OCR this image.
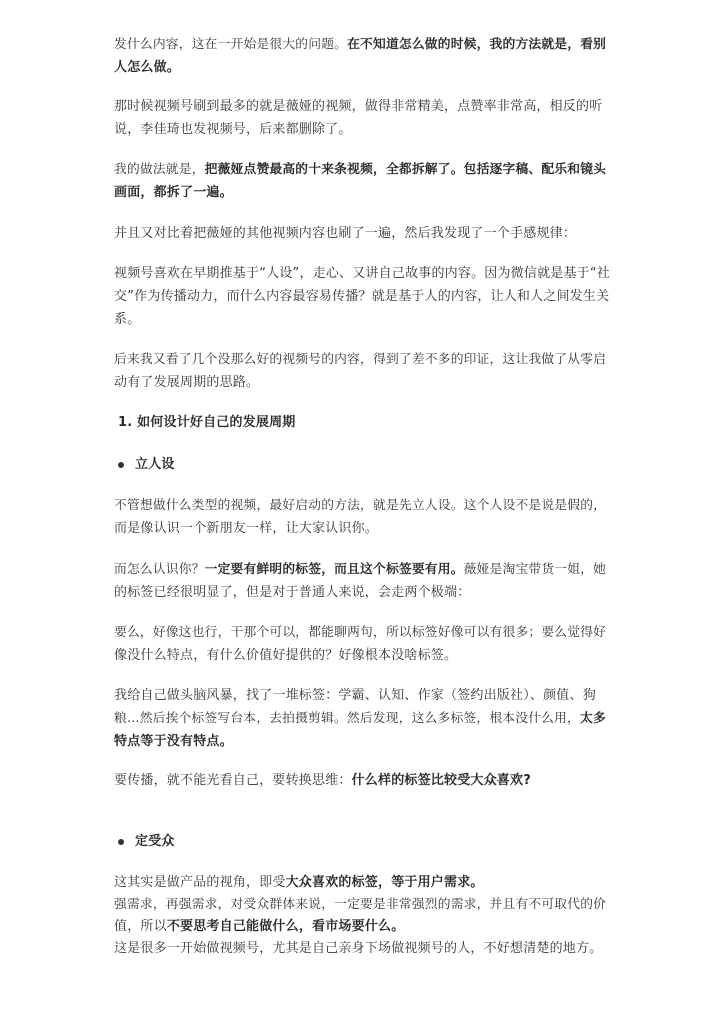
发什么内容，这在一开始是很大的问题。在不知道怎么做的时候，我的方法就是，看别
人怎么做。
那时候视频号刷到最多的就是薇娅的视频，做得非常精美，点赞率非常高，相反的听
说，李佳琦也发视频号，后来都删除了。
我的做法就是，把薇娅点赞最高的十来条视频，全都拆解了。包括逐字稿、配乐和镜头
画面，都拆了一遍。
并且又对比着把薇娅的其他视频内容也刷了一遍，然后我发现了一个手感规律：
视频号喜欢在早期推基于“人设”，走心、又讲自己故事的内容。因为微信就是基于“社
交”作为传播动力，而什么内容最容易传播？就是基于人的内容，让人和人之间发生关
系。
后来我又看了几个没那么好的视频号的内容，得到了差不多的印证，这让我做了从零启
动有了发展周期的思路。
1. 如何设计好自己的发展周期
立人设
不管想做什么类型的视频，最好启动的方法，就是先立人设。这个人设不是说是假的，
而是像认识一个新朋友一样，让大家认识你。
而怎么认识你？一定要有鲜明的标签，而且这个标签要有用。薇娅是淘宝带货一姐，她
的标签已经很明显了，但是对于普通人来说，会走两个极端：
要么，好像这也行，干那个可以，都能聊两句，所以标签好像可以有很多；要么觉得好
像没什么特点，有什么价值好提供的？好像根本没啥标签。
我给自己做头脑风暴，找了一堆标签：学霸、认知、作家（签约出版社）、颜值、狗
粮...然后挨个标签写台本，去拍摄剪辑。然后发现，这么多标签，根本没什么用，太多
特点等于没有特点。
要传播，就不能光看自己，要转换思维：什么样的标签比较受大众喜欢?
定受众
这其实是做产品的视角，即受大众喜欢的标签，等于用户需求。
强需求，再强需求，对受众群体来说，一定要是非常强烈的需求，并且有不可取代的价
值，所以不要思考自己能做什么，看市场要什么。
这是很多一开始做视频号，尤其是自己亲身下场做视频号的人，不好想清楚的地方。
